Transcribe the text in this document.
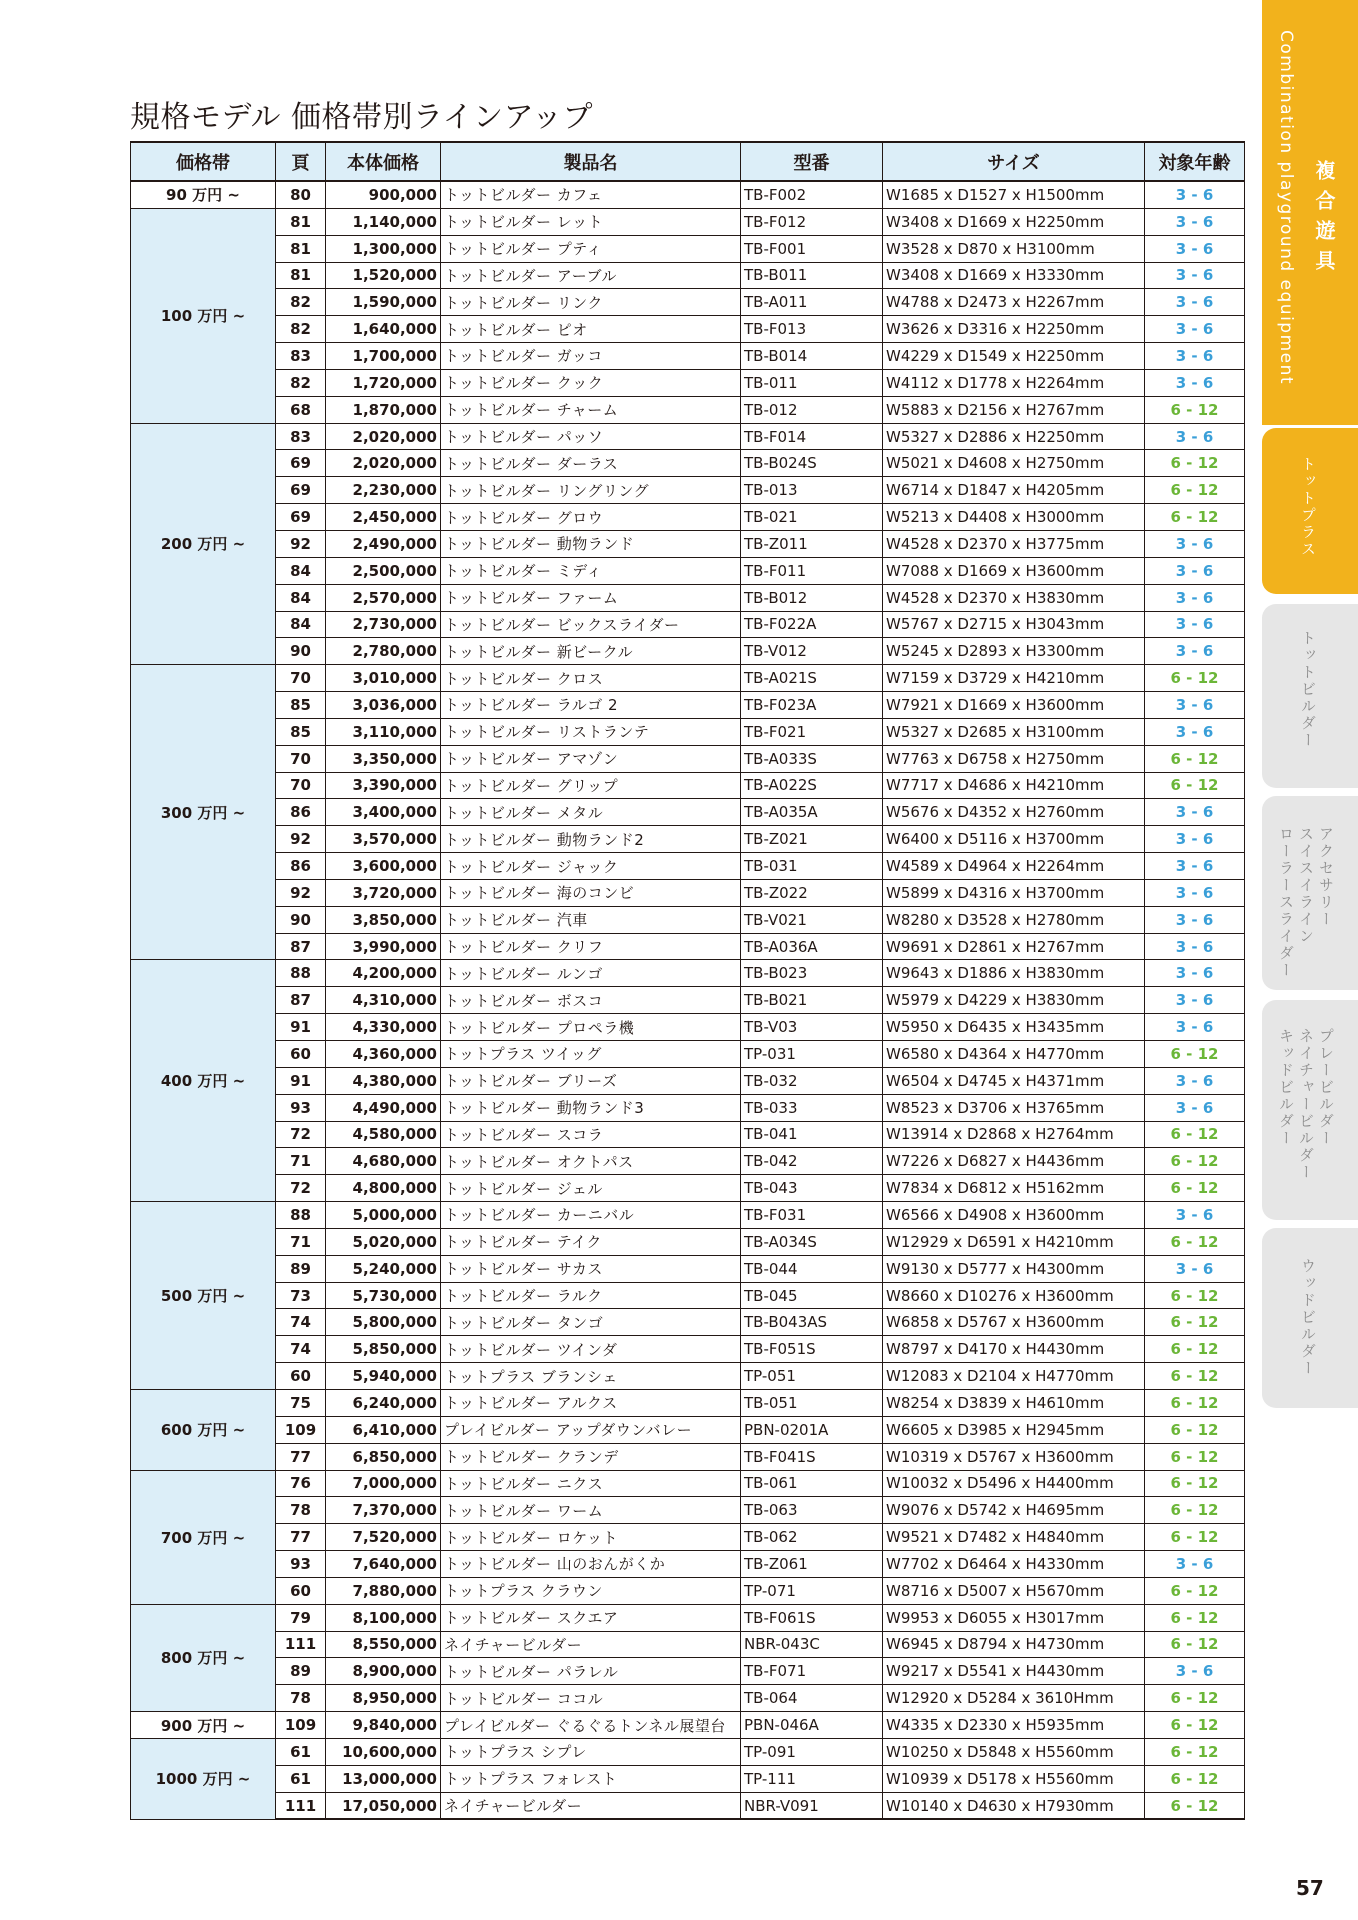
規格モデル 価格帯別ラインアップ
価格帯	頁	本体価格	製品名	型番	サイズ	対象年齢
90 万円 ~	80	900,000	トットビルダー カフェ	TB-F002	W1685 x D1527 x H1500mm	3 - 6
100 万円 ~	81	1,140,000	トットビルダー レット	TB-F012	W3408 x D1669 x H2250mm	3 - 6
	81	1,300,000	トットビルダー プティ	TB-F001	W3528 x D870 x H3100mm	3 - 6
	81	1,520,000	トットビルダー アーブル	TB-B011	W3408 x D1669 x H3330mm	3 - 6
	82	1,590,000	トットビルダー リンク	TB-A011	W4788 x D2473 x H2267mm	3 - 6
	82	1,640,000	トットビルダー ピオ	TB-F013	W3626 x D3316 x H2250mm	3 - 6
	83	1,700,000	トットビルダー ガッコ	TB-B014	W4229 x D1549 x H2250mm	3 - 6
	82	1,720,000	トットビルダー クック	TB-011	W4112 x D1778 x H2264mm	3 - 6
	68	1,870,000	トットビルダー チャーム	TB-012	W5883 x D2156 x H2767mm	6 - 12
200 万円 ~	83	2,020,000	トットビルダー パッソ	TB-F014	W5327 x D2886 x H2250mm	3 - 6
	69	2,020,000	トットビルダー ダーラス	TB-B024S	W5021 x D4608 x H2750mm	6 - 12
	69	2,230,000	トットビルダー リングリング	TB-013	W6714 x D1847 x H4205mm	6 - 12
	69	2,450,000	トットビルダー グロウ	TB-021	W5213 x D4408 x H3000mm	6 - 12
	92	2,490,000	トットビルダー 動物ランド	TB-Z011	W4528 x D2370 x H3775mm	3 - 6
	84	2,500,000	トットビルダー ミディ	TB-F011	W7088 x D1669 x H3600mm	3 - 6
	84	2,570,000	トットビルダー ファーム	TB-B012	W4528 x D2370 x H3830mm	3 - 6
	84	2,730,000	トットビルダー ビックスライダー	TB-F022A	W5767 x D2715 x H3043mm	3 - 6
	90	2,780,000	トットビルダー 新ビークル	TB-V012	W5245 x D2893 x H3300mm	3 - 6
300 万円 ~	70	3,010,000	トットビルダー クロス	TB-A021S	W7159 x D3729 x H4210mm	6 - 12
	85	3,036,000	トットビルダー ラルゴ 2	TB-F023A	W7921 x D1669 x H3600mm	3 - 6
	85	3,110,000	トットビルダー リストランテ	TB-F021	W5327 x D2685 x H3100mm	3 - 6
	70	3,350,000	トットビルダー アマゾン	TB-A033S	W7763 x D6758 x H2750mm	6 - 12
	70	3,390,000	トットビルダー グリップ	TB-A022S	W7717 x D4686 x H4210mm	6 - 12
	86	3,400,000	トットビルダー メタル	TB-A035A	W5676 x D4352 x H2760mm	3 - 6
	92	3,570,000	トットビルダー 動物ランド2	TB-Z021	W6400 x D5116 x H3700mm	3 - 6
	86	3,600,000	トットビルダー ジャック	TB-031	W4589 x D4964 x H2264mm	3 - 6
	92	3,720,000	トットビルダー 海のコンビ	TB-Z022	W5899 x D4316 x H3700mm	3 - 6
	90	3,850,000	トットビルダー 汽車	TB-V021	W8280 x D3528 x H2780mm	3 - 6
	87	3,990,000	トットビルダー クリフ	TB-A036A	W9691 x D2861 x H2767mm	3 - 6
400 万円 ~	88	4,200,000	トットビルダー ルンゴ	TB-B023	W9643 x D1886 x H3830mm	3 - 6
	87	4,310,000	トットビルダー ボスコ	TB-B021	W5979 x D4229 x H3830mm	3 - 6
	91	4,330,000	トットビルダー プロペラ機	TB-V03	W5950 x D6435 x H3435mm	3 - 6
	60	4,360,000	トットプラス ツイッグ	TP-031	W6580 x D4364 x H4770mm	6 - 12
	91	4,380,000	トットビルダー ブリーズ	TB-032	W6504 x D4745 x H4371mm	3 - 6
	93	4,490,000	トットビルダー 動物ランド3	TB-033	W8523 x D3706 x H3765mm	3 - 6
	72	4,580,000	トットビルダー スコラ	TB-041	W13914 x D2868 x H2764mm	6 - 12
	71	4,680,000	トットビルダー オクトパス	TB-042	W7226 x D6827 x H4436mm	6 - 12
	72	4,800,000	トットビルダー ジェル	TB-043	W7834 x D6812 x H5162mm	6 - 12
500 万円 ~	88	5,000,000	トットビルダー カーニバル	TB-F031	W6566 x D4908 x H3600mm	3 - 6
	71	5,020,000	トットビルダー テイク	TB-A034S	W12929 x D6591 x H4210mm	6 - 12
	89	5,240,000	トットビルダー サカス	TB-044	W9130 x D5777 x H4300mm	3 - 6
	73	5,730,000	トットビルダー ラルク	TB-045	W8660 x D10276 x H3600mm	6 - 12
	74	5,800,000	トットビルダー タンゴ	TB-B043AS	W6858 x D5767 x H3600mm	6 - 12
	74	5,850,000	トットビルダー ツインダ	TB-F051S	W8797 x D4170 x H4430mm	6 - 12
	60	5,940,000	トットプラス ブランシェ	TP-051	W12083 x D2104 x H4770mm	6 - 12
600 万円 ~	75	6,240,000	トットビルダー アルクス	TB-051	W8254 x D3839 x H4610mm	6 - 12
	109	6,410,000	プレイビルダー アップダウンバレー	PBN-0201A	W6605 x D3985 x H2945mm	6 - 12
	77	6,850,000	トットビルダー クランデ	TB-F041S	W10319 x D5767 x H3600mm	6 - 12
700 万円 ~	76	7,000,000	トットビルダー ニクス	TB-061	W10032 x D5496 x H4400mm	6 - 12
	78	7,370,000	トットビルダー ワーム	TB-063	W9076 x D5742 x H4695mm	6 - 12
	77	7,520,000	トットビルダー ロケット	TB-062	W9521 x D7482 x H4840mm	6 - 12
	93	7,640,000	トットビルダー 山のおんがくか	TB-Z061	W7702 x D6464 x H4330mm	3 - 6
	60	7,880,000	トットプラス クラウン	TP-071	W8716 x D5007 x H5670mm	6 - 12
800 万円 ~	79	8,100,000	トットビルダー スクエア	TB-F061S	W9953 x D6055 x H3017mm	6 - 12
	111	8,550,000	ネイチャービルダー	NBR-043C	W6945 x D8794 x H4730mm	6 - 12
	89	8,900,000	トットビルダー パラレル	TB-F071	W9217 x D5541 x H4430mm	3 - 6
	78	8,950,000	トットビルダー ココル	TB-064	W12920 x D5284 x 3610Hmm	6 - 12
900 万円 ~	109	9,840,000	プレイビルダー ぐるぐるトンネル展望台	PBN-046A	W4335 x D2330 x H5935mm	6 - 12
1000 万円 ~	61	10,600,000	トットプラス シプレ	TP-091	W10250 x D5848 x H5560mm	6 - 12
	61	13,000,000	トットプラス フォレスト	TP-111	W10939 x D5178 x H5560mm	6 - 12
	111	17,050,000	ネイチャービルダー	NBR-V091	W10140 x D4630 x H7930mm	6 - 12
Combination playground equipment 複合遊具
トットプラス
トットビルダー
アクセサリー
スイスイライン
ローラースライダー
プレービルダー
ネイチャービルダー
キッドビルダー
ウッドビルダー
57
